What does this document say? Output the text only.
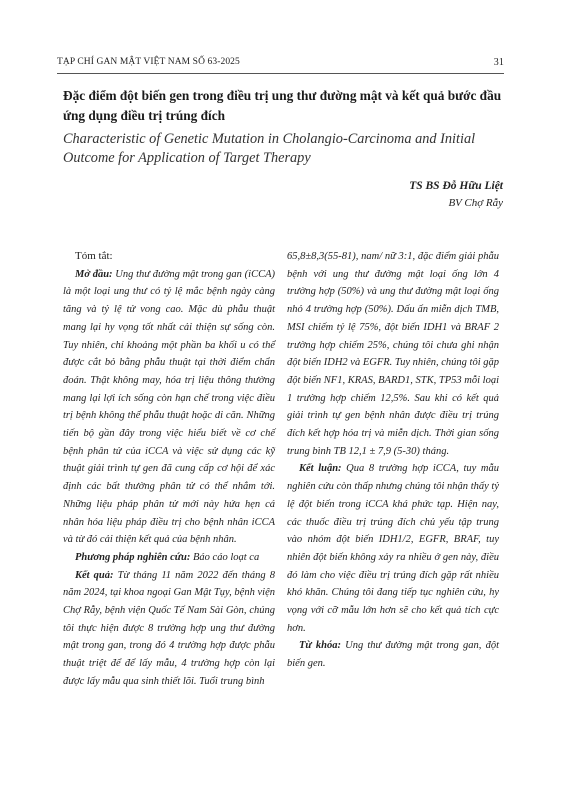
TẠP CHÍ GAN MẬT VIỆT NAM SỐ 63-2025	31
Đặc điểm đột biến gen trong điều trị ung thư đường mật và kết quả bước đầu ứng dụng điều trị trúng đích
Characteristic of Genetic Mutation in Cholangio-Carcinoma and Initial Outcome for Application of Target Therapy
TS BS Đỗ Hữu Liệt
BV Chợ Rẫy

Tóm tắt:

Mở đầu: Ung thư đường mật trong gan (iCCA) là một loại ung thư có tỷ lệ mắc bệnh ngày càng tăng và tỷ lệ tử vong cao. Mặc dù phẫu thuật mang lại hy vọng tốt nhất cải thiện sự sống còn. Tuy nhiên, chỉ khoảng một phần ba khối u có thể được cắt bỏ bằng phẫu thuật tại thời điểm chẩn đoán. Thật không may, hóa trị liệu thông thường mang lại lợi ích sống còn hạn chế trong việc điều trị bệnh không thể phẫu thuật hoặc di căn. Những tiến bộ gần đây trong việc hiểu biết về cơ chế bệnh phân tử của iCCA và việc sử dụng các kỹ thuật giải trình tự gen đã cung cấp cơ hội để xác định các bất thường phân tử có thể nhắm tới. Những liệu pháp phân tử mới này hứa hẹn cá nhân hóa liệu pháp điều trị cho bệnh nhân iCCA và từ đó cải thiện kết quả của bệnh nhân.

Phương pháp nghiên cứu: Báo cáo loạt ca

Kết quả: Từ tháng 11 năm 2022 đến tháng 8 năm 2024, tại khoa ngoại Gan Mật Tụy, bệnh viện Chợ Rẫy, bệnh viện Quốc Tế Nam Sài Gòn, chúng tôi thực hiện được 8 trường hợp ung thư đường mật trong gan, trong đó 4 trường hợp được phẫu thuật triệt để để lấy mẫu, 4 trường hợp còn lại được lấy mẫu qua sinh thiết lõi. Tuổi trung bình

65,8±8,3(55-81), nam/ nữ 3:1, đặc điểm giải phẫu bệnh với ung thư đường mật loại ống lớn 4 trường hợp (50%) và ung thư đường mật loại ống nhỏ 4 trường hợp (50%). Dấu ấn miễn dịch TMB, MSI chiếm tỷ lệ 75%, đột biến IDH1 và BRAF 2 trường hợp chiếm 25%, chúng tôi chưa ghi nhận đột biến IDH2 và EGFR. Tuy nhiên, chúng tôi gặp đột biến NF1, KRAS, BARD1, STK, TP53 mỗi loại 1 trường hợp chiếm 12,5%. Sau khi có kết quả giải trình tự gen bệnh nhân được điều trị trúng đích kết hợp hóa trị và miễn dịch. Thời gian sống trung bình TB 12,1 ± 7,9 (5-30) tháng.

Kết luận: Qua 8 trường hợp iCCA, tuy mẫu nghiên cứu còn thấp nhưng chúng tôi nhận thấy tỷ lệ đột biến trong iCCA khá phức tạp. Hiện nay, các thuốc điều trị trúng đích chủ yếu tập trung vào nhóm đột biến IDH1/2, EGFR, BRAF, tuy nhiên đột biến không xảy ra nhiều ở gen này, điều đó làm cho việc điều trị trúng đích gặp rất nhiều khó khăn. Chúng tôi đang tiếp tục nghiên cứu, hy vọng với cỡ mẫu lớn hơn sẽ cho kết quả tích cực hơn.

Từ khóa: Ung thư đường mật trong gan, đột biến gen.
